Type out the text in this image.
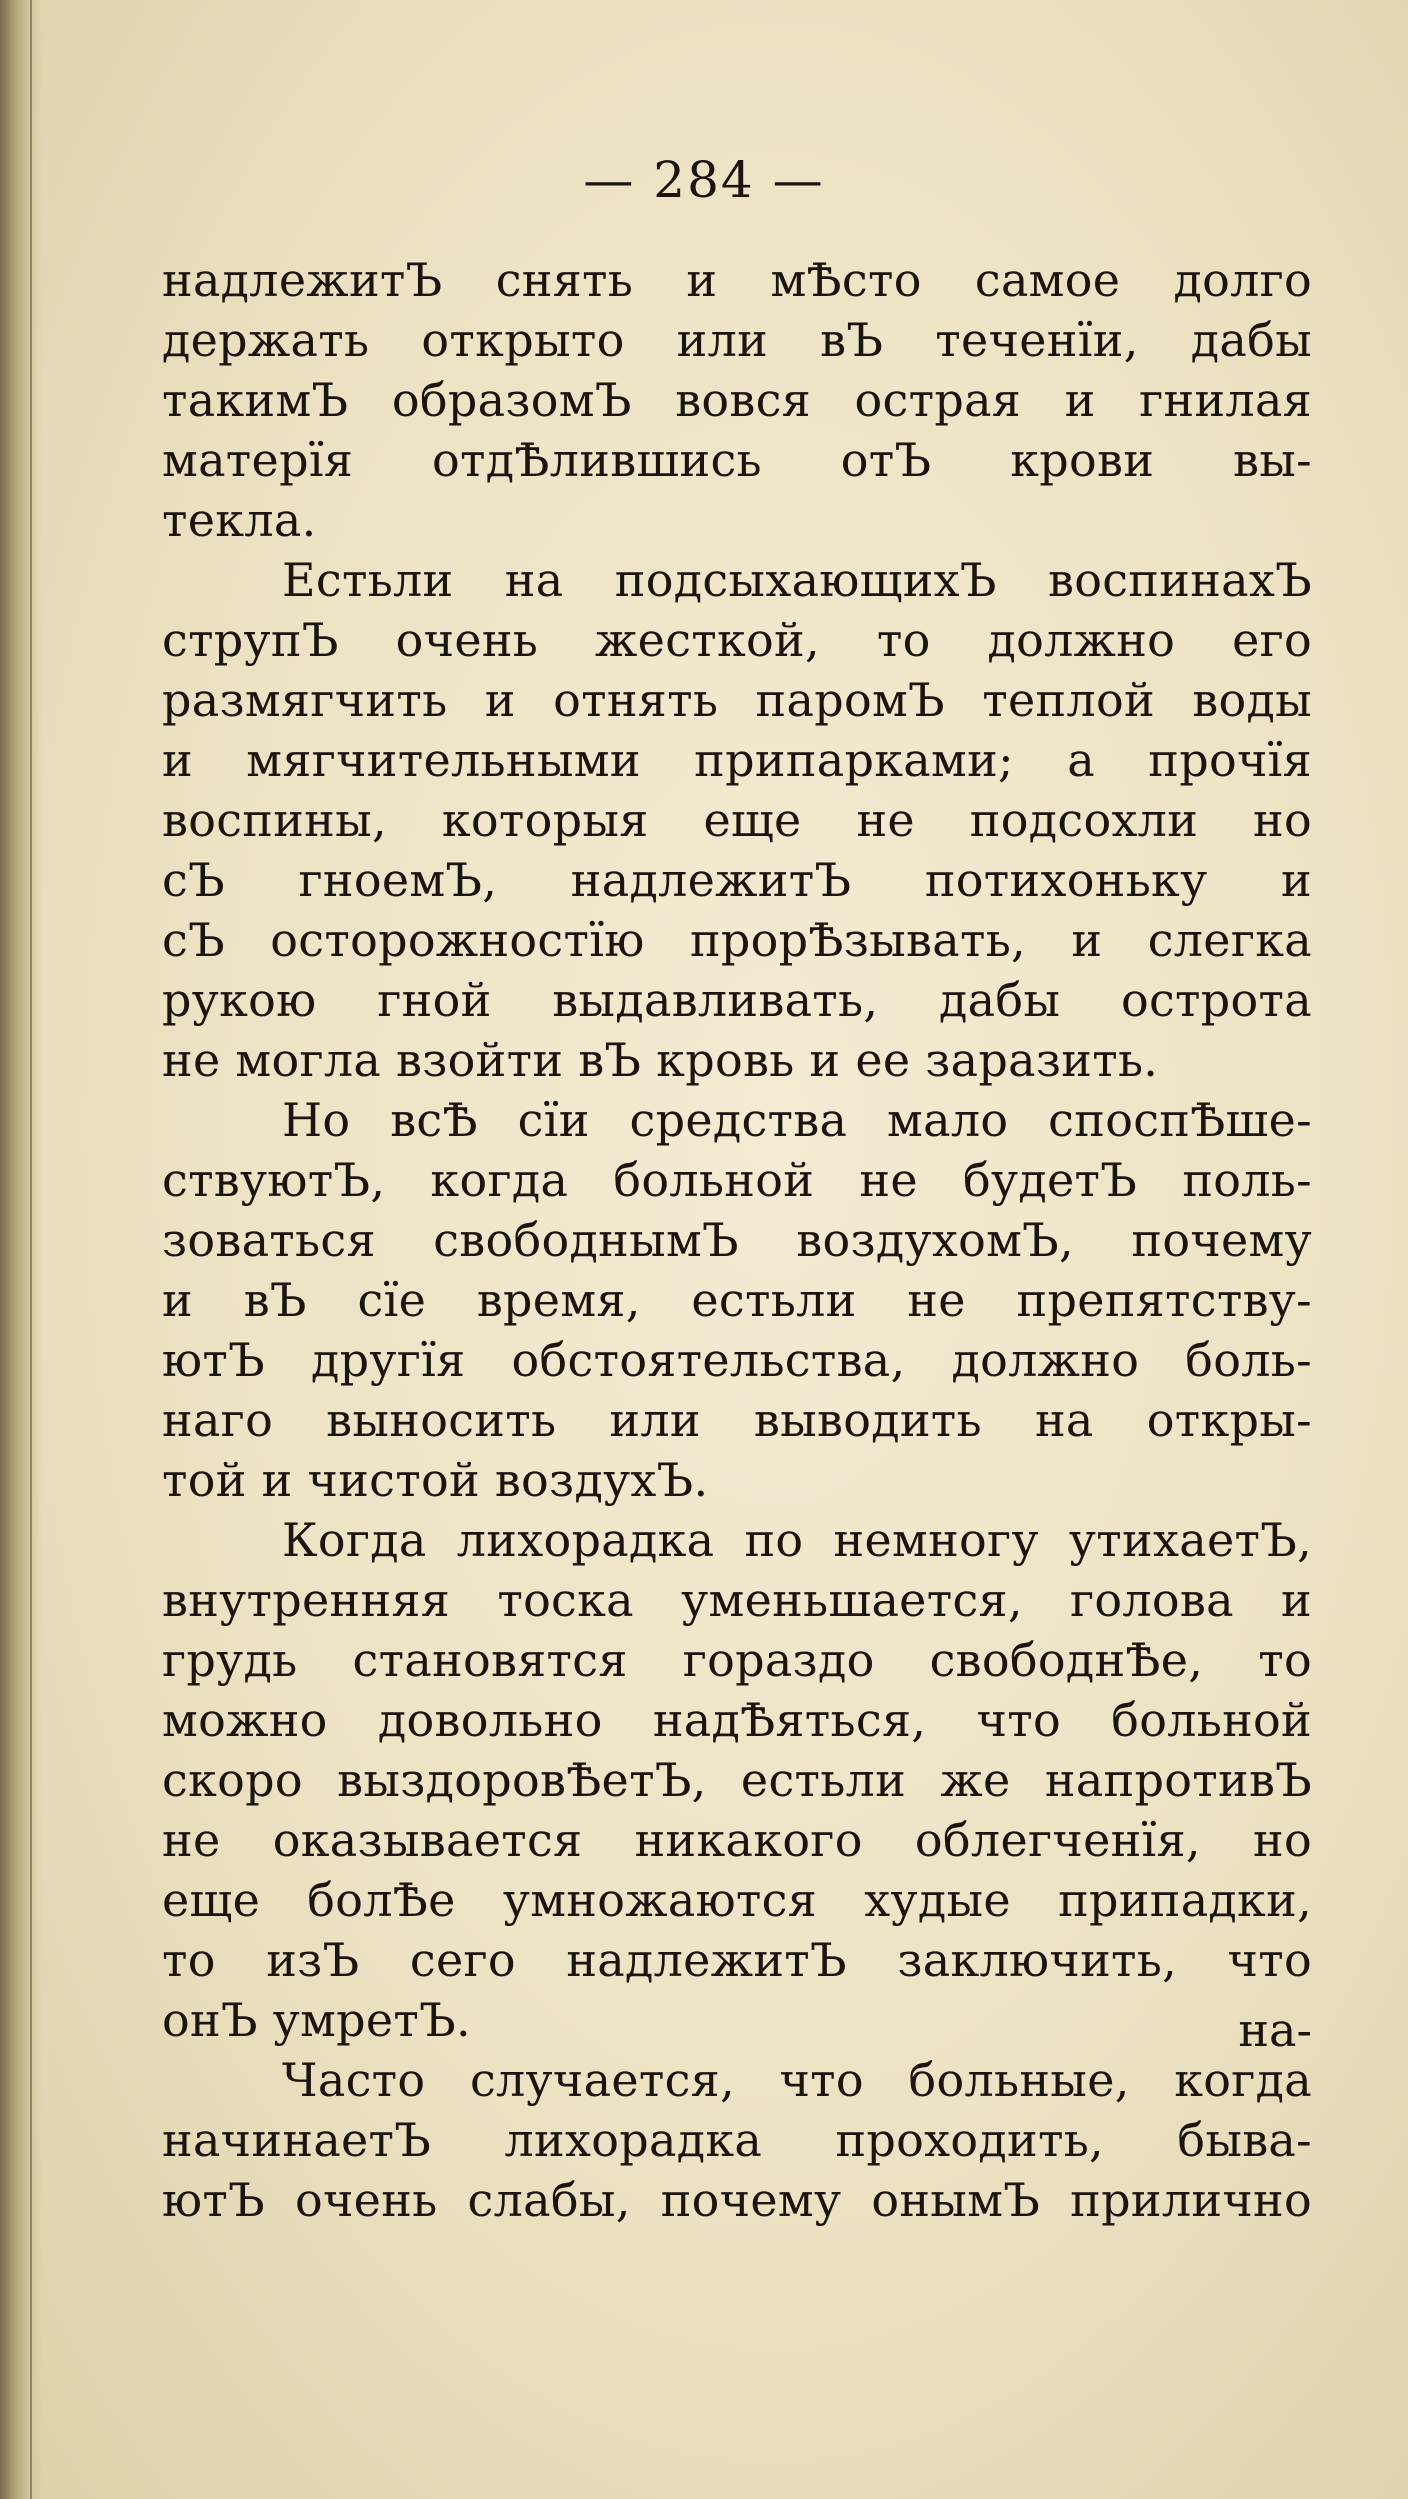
— 284 —
надлежитЪ снять и мѢсто самое долго
держать открыто или вЪ теченїи, дабы
такимЪ образомЪ вовся острая и гнилая
матерїя отдѢлившись отЪ крови вы-
текла.
Естьли на подсыхающихЪ воспинахЪ
струпЪ очень жесткой, то должно его
размягчить и отнять паромЪ теплой воды
и мягчительными припарками; а прочїя
воспины, которыя еще не подсохли но
сЪ гноемЪ, надлежитЪ потихоньку и
сЪ осторожностїю прорѢзывать, и слегка
рукою гной выдавливать, дабы острота
не могла взойти вЪ кровь и ее заразить.
Но всѢ сїи средства мало споспѢше-
ствуютЪ, когда больной не будетЪ поль-
зоваться свободнымЪ воздухомЪ, почему
и вЪ сїе время, естьли не препятству-
ютЪ другїя обстоятельства, должно боль-
наго выносить или выводить на откры-
той и чистой воздухЪ.
Когда лихорадка по немногу утихаетЪ,
внутренняя тоска уменьшается, голова и
грудь становятся гораздо свободнѢе, то
можно довольно надѢяться, что больной
скоро выздоровѢетЪ, естьли же напротивЪ
не оказывается никакого облегченїя, но
еще болѢе умножаются худые припадки,
то изЪ сего надлежитЪ заключить, что
онЪ умретЪ.
Часто случается, что больные, когда
начинаетЪ лихорадка проходить, быва-
ютЪ очень слабы, почему онымЪ прилично
на-
